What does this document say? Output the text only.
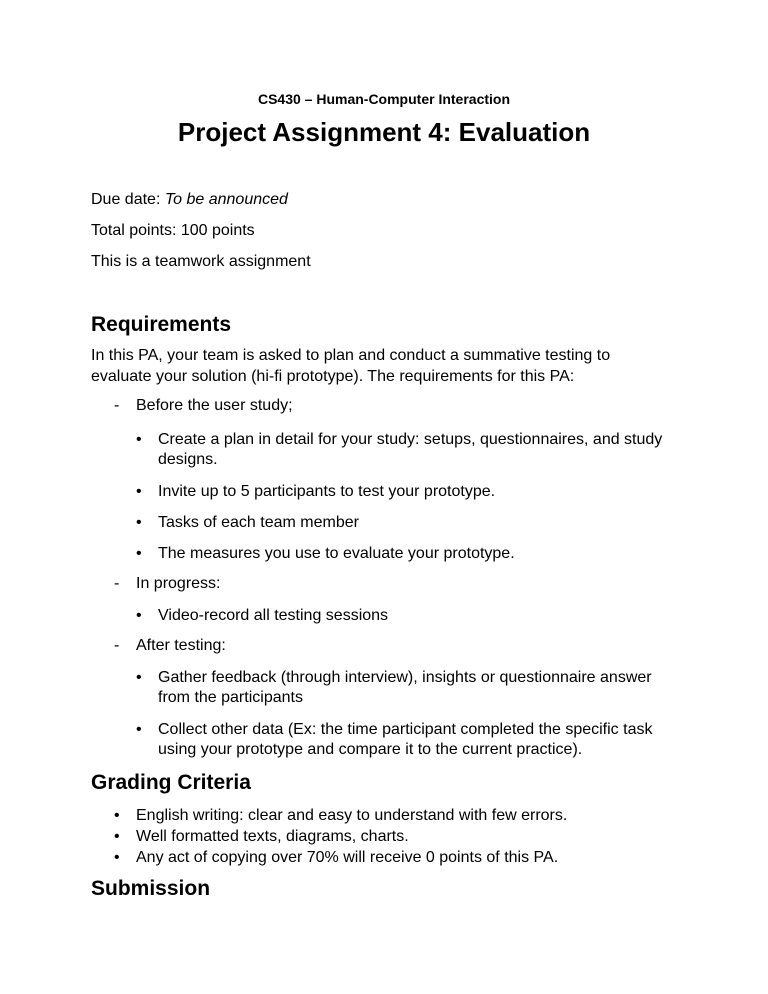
CS430 – Human-Computer Interaction
Project Assignment 4: Evaluation
Due date: To be announced
Total points: 100 points
This is a teamwork assignment
Requirements
In this PA, your team is asked to plan and conduct a summative testing to
evaluate your solution (hi-fi prototype). The requirements for this PA:
- Before the user study;
• Create a plan in detail for your study: setups, questionnaires, and study
designs.
• Invite up to 5 participants to test your prototype.
• Tasks of each team member
• The measures you use to evaluate your prototype.
- In progress:
• Video-record all testing sessions
- After testing:
• Gather feedback (through interview), insights or questionnaire answer
from the participants
• Collect other data (Ex: the time participant completed the specific task
using your prototype and compare it to the current practice).
Grading Criteria
• English writing: clear and easy to understand with few errors.
• Well formatted texts, diagrams, charts.
• Any act of copying over 70% will receive 0 points of this PA.
Submission
